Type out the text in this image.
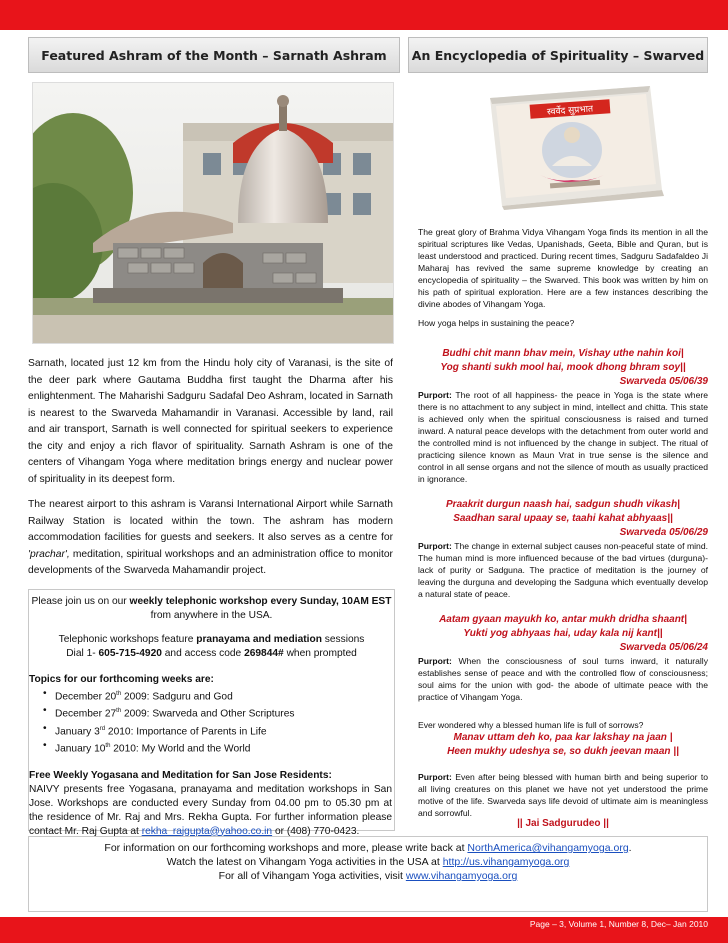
Featured Ashram of the Month – Sarnath Ashram	An Encyclopedia of Spirituality – Swarved
स्वर्वेद सुप्रभात
Sarnath, located just 12 km from the Hindu holy city of Varanasi, is the site of the deer park where Gautama Buddha first taught the Dharma after his enlightenment. The Maharishi Sadguru Sadafal Deo Ashram, located in Sarnath is nearest to the Swarveda Mahamandir in Varanasi. Accessible by land, rail and air transport, Sarnath is well connected for spiritual seekers to experience the city and enjoy a rich flavor of spirituality. Sarnath Ashram is one of the centers of Vihangam Yoga where meditation brings energy and nuclear power of spirituality in its deepest form.
The nearest airport to this ashram is Varansi International Airport while Sarnath Railway Station is located within the town. The ashram has modern accommodation facilities for guests and seekers. It also serves as a centre for 'prachar', meditation, spiritual workshops and an administration office to monitor developments of the Swarveda Mahamandir project.
Please join us on our weekly telephonic workshop every Sunday, 10AM EST
from anywhere in the USA.
Telephonic workshops feature pranayama and mediation sessions
Dial 1- 605-715-4920 and access code 269844# when prompted
Topics for our forthcoming weeks are:
• December 20th 2009: Sadguru and God
• December 27th 2009: Swarveda and Other Scriptures
• January 3rd 2010: Importance of Parents in Life
• January 10th 2010: My World and the World
Free Weekly Yogasana and Meditation for San Jose Residents:
NAIVY presents free Yogasana, pranayama and meditation workshops in San Jose. Workshops are conducted every Sunday from 04.00 pm to 05.30 pm at the residence of Mr. Raj and Mrs. Rekha Gupta. For further information please contact Mr. Raj Gupta at rekha_rajgupta@yahoo.co.in or (408) 770-0423.
The great glory of Brahma Vidya Vihangam Yoga finds its mention in all the spiritual scriptures like Vedas, Upanishads, Geeta, Bible and Quran, but is least understood and practiced. During recent times, Sadguru Sadafaldeo Ji Maharaj has revived the same supreme knowledge by creating an encyclopedia of spirituality – the Swarved. This book was written by him on his path of spiritual exploration. Here are a few instances describing the divine abodes of Vihangam Yoga.
How yoga helps in sustaining the peace?
Budhi chit mann bhav mein, Vishay uthe nahin koi|
Yog shanti sukh mool hai, mook dhong bhram soy||
Swarveda 05/06/39
Purport: The root of all happiness- the peace in Yoga is the state where there is no attachment to any subject in mind, intellect and chitta. This state is achieved only when the spiritual consciousness is raised and turned inward. A natural peace develops with the detachment from outer world and the controlled mind is not influenced by the change in subject. The ritual of practicing silence known as Maun Vrat in true sense is the silence and control in all sense organs and not the silence of mouth as usually practiced in ignorance.
Praakrit durgun naash hai, sadgun shudh vikash|
Saadhan saral upaay se, taahi kahat abhyaas||
Swarveda 05/06/29
Purport: The change in external subject causes non-peaceful state of mind. The human mind is more influenced because of the bad virtues (durguna)- lack of purity or Sadguna. The practice of meditation is the journey of leaving the durguna and developing the Sadguna which eventually develop a natural state of peace.
Aatam gyaan mayukh ko, antar mukh dridha shaant|
Yukti yog abhyaas hai, uday kala nij kant||
Swarveda 05/06/24
Purport: When the consciousness of soul turns inward, it naturally establishes sense of peace and with the controlled flow of consciousness; soul aims for the union with god- the abode of ultimate peace with the practice of Vihangam Yoga.
Ever wondered why a blessed human life is full of sorrows?
Manav uttam deh ko, paa kar lakshay na jaan |
Heen mukhy udeshya se, so dukh jeevan maan ||
Purport: Even after being blessed with human birth and being superior to all living creatures on this planet we have not yet understood the prime motive of the life. Swarveda says life devoid of ultimate aim is meaningless and sorrowful.
|| Jai Sadgurudeo ||
For information on our forthcoming workshops and more, please write back at NorthAmerica@vihangamyoga.org.
Watch the latest on Vihangam Yoga activities in the USA at http://us.vihangamyoga.org
For all of Vihangam Yoga activities, visit www.vihangamyoga.org
Page – 3, Volume 1, Number 8, Dec– Jan 2010
